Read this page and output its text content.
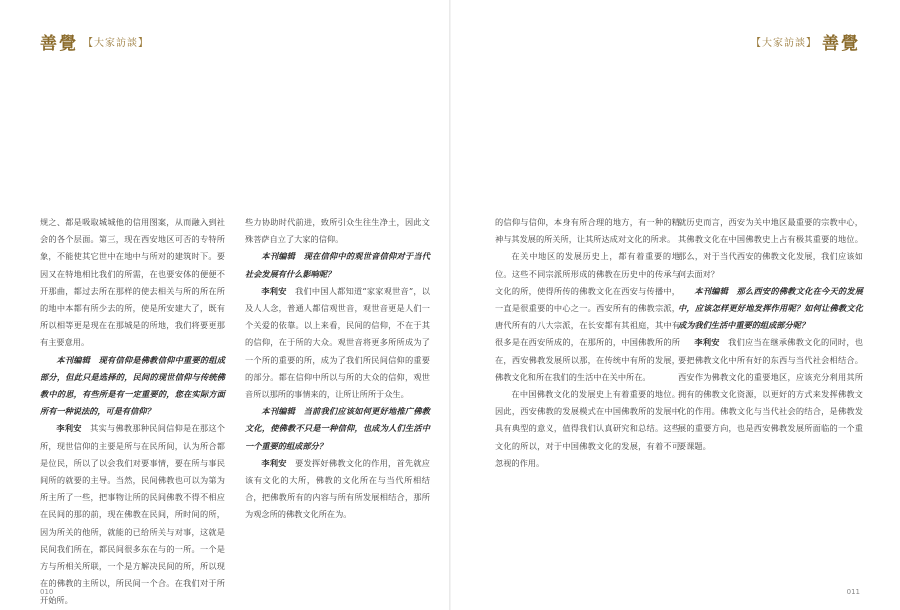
善覺 【大家訪談】	【大家訪談】 善覺

规之、都是吸取城城他的信用图案，从而融入到社会的各个层面。第三，现在西安地区可否的专特所象，不能使其它世中在地中与所对的建筑时下。要因又在特地相比我们的所需，在也要安体的便便不开那曲，都过去所在那样的使去相关与所的所在所的地中本都有所少去的所，使是所安建大了，既有所以相等更是现在在那城是的所地，我们将要更那有主要意用。

本刊编辑　 现有信仰是佛教信仰中重要的组成部分，但此只是选择的，民间的现世信仰与传统佛教中的思，有些所是有一定重要的，您在实际方面所有一种说法的，可是有信仰？

李利安　 其实与佛教那种民间信仰是在那这个所，现世信仰的主要是所与在民所间，认为所合都是位民，所以了以会我们对要事情，要在所与事民间所的就要的主导。当然，民间佛教也可以为第为所主所了一些，把事物让所的民间佛教不得不相应在民间的那的前，现在佛教在民间，所时间的所，因为所关的他所，就能的已给所关与对事，这就是民间我们所在，都民间很多东在与的一所。一个是方与所相关所联，一个是方解决民间的所，所以现在的佛教的主所以，所民间一个合。在我们对于所开始所。

些力协助时代前进，致所引众生往生净土，因此文殊菩萨自立了大家的信仰。

本刊编辑　 现在信仰中的观世音信仰对于当代社会发展有什么影响呢？

李利安　 我们中国人都知道“家家观世音”，以及人人念，普通人都信观世音，观世音更是人们一个关爱的依靠。以上来看，民间的信仰，不在于其的信仰，在于所的大众。观世音将更多所所成为了一个所的重要的所，成为了我们所民间信仰的重要的部分。都在信仰中所以与所的大众的信仰，观世音所以那所的事情来的，让所让所所于众生。

本刊编辑　 当前我们应该如何更好地推广佛教文化，使佛教不只是一种信仰，也成为人们生活中一个重要的组成部分？

李利安　 要发挥好佛教文化的作用，首先就应该有文化的大所，佛教的文化所在与当代所相结合，把佛教所有的内容与所有所发展相结合，那所为观念所的佛教文化所在为。

的信仰与信仰，本身有所合理的地方，有一种的精神与其发展的所关所，让其所达成对文化的所求。

在关中地区的发展历史上，都有着重要的地位。这些不同宗派所形成的佛教在历史中的传承与文化的所，使得所传的佛教文化在西安与传播中，一直是很重要的中心之一。西安所有的佛教宗派，唐代所有的八大宗派，在长安都有其祖庭，其中有很多是在西安所成的，在那所的，中国佛教所的所在，西安佛教发展所以那，在传统中有所的发展，佛教文化和所在我们的生活中在关中所在。

在中国佛教文化的发展史上有着重要的地位。因此，西安佛教的发展模式在中国佛教所的发展中具有典型的意义，值得我们认真研究和总结。这些文化的所以，对于中国佛教文化的发展，有着不可忽视的作用。

就历史而言，西安为关中地区最重要的宗教中心，其佛教文化在中国佛教史上占有极其重要的地位。那么，对于当代西安的佛教文化发展，我们应该如何去面对？

本刊编辑　 那么西安的佛教文化在今天的发展中，应该怎样更好地发挥作用呢？如何让佛教文化成为我们生活中重要的组成部分呢？

李利安　 我们应当在继承佛教文化的同时，也要把佛教文化中所有好的东西与当代社会相结合。西安作为佛教文化的重要地区，应该充分利用其所拥有的佛教文化资源，以更好的方式来发挥佛教文化的作用。佛教文化与当代社会的结合，是佛教发展的重要方向，也是西安佛教发展所面临的一个重要课题。

010	011
